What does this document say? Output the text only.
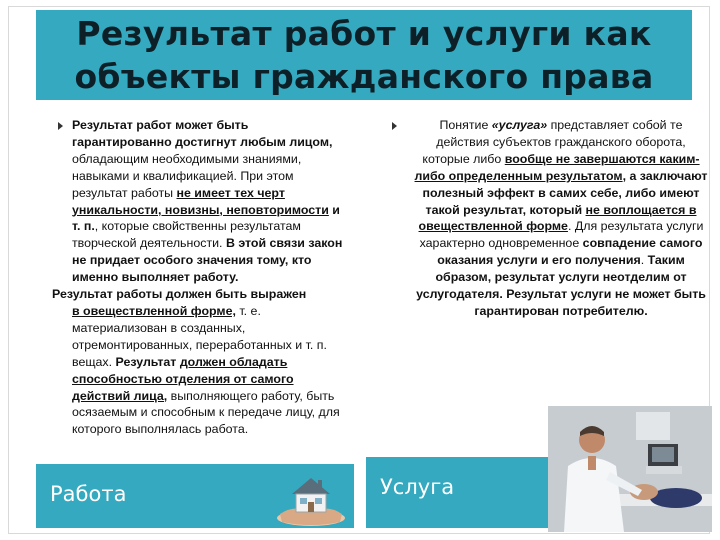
Результат работ и услуги как
объекты гражданского права

Результат работ может быть гарантированно достигнут любым лицом, обладающим необходимыми знаниями, навыками и квалификацией. При этом результат работы не имеет тех черт уникальности, новизны, неповторимости и т. п., которые свойственны результатам творческой деятельности. В этой связи закон не придает особого значения тому, кто именно выполняет работу.

Результат работы должен быть выражен

в овеществленной форме, т. е. материализован в созданных, отремонтированных, переработанных и т. п. вещах. Результат должен обладать способностью отделения от самого действий лица, выполняющего работу, быть осязаемым и способным к передаче лицу, для которого выполнялась работа.

Понятие «услуга» представляет собой те действия субъектов гражданского оборота, которые либо вообще не завершаются каким-либо определенным результатом, а заключают полезный эффект в самих себе, либо имеют такой результат, который не воплощается в овеществленной форме. Для результата услуги характерно одновременное совпадение самого оказания услуги и его получения. Таким образом, результат услуги неотделим от услугодателя. Результат услуги не может быть гарантирован потребителю.

Работа	Услуга
